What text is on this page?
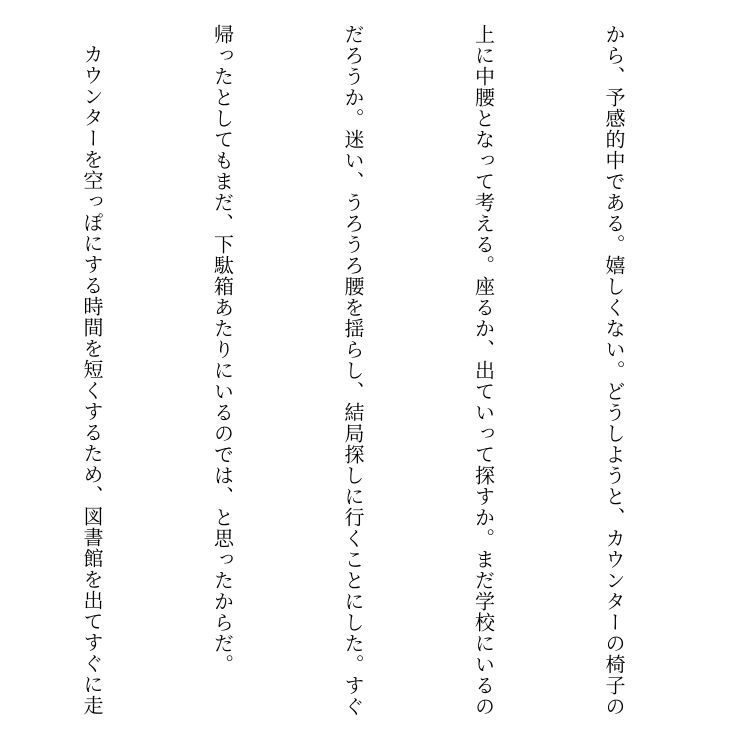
から、予感的中である。嬉しくない。どうしようと、カウンターの椅子の

上に中腰となって考える。座るか、出ていって探すか。まだ学校にいるの

だろうか。迷い、うろうろ腰を揺らし、結局探しに行くことにした。すぐ

帰ったとしてもまだ、下駄箱あたりにいるのでは、と思ったからだ。

カウンターを空っぽにする時間を短くするため、図書館を出てすぐに走
